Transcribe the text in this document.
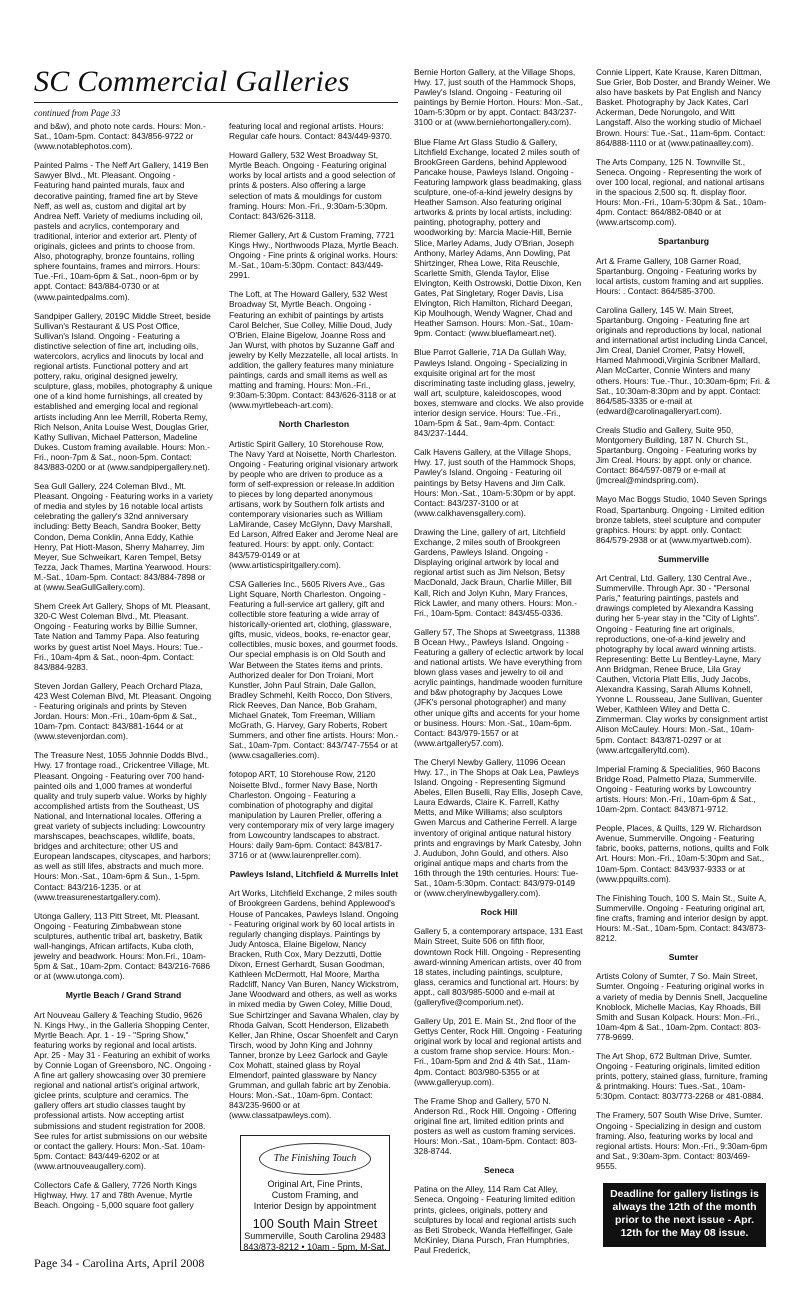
SC Commercial Galleries
continued from Page 33

and b&w), and photo note cards. Hours: Mon.-Sat., 10am-5pm. Contact: 843/856-9722 or (www.notablephotos.com).

Painted Palms - The Neff Art Gallery, 1419 Ben Sawyer Blvd., Mt. Pleasant. Ongoing - Featuring hand painted murals, faux and decorative painting, framed fine art by Steve Neff, as well as, custom and digital art by Andrea Neff. Variety of mediums including oil, pastels and acrylics, contemporary and traditional, interior and exterior art. Plenty of originals, giclees and prints to choose from. Also, photography, bronze fountains, rolling sphere fountains, frames and mirrors. Hours: Tue.-Fri., 10am-6pm & Sat., noon-6pm or by appt. Contact: 843/884-0730 or at (www.paintedpalms.com).

Sandpiper Gallery, 2019C Middle Street, beside Sullivan's Restaurant & US Post Office, Sullivan's Island. Ongoing - Featuring a distinctive selection of fine art, including oils, watercolors, acrylics and linocuts by local and regional artists. Functional pottery and art pottery, raku, original designed jewelry, sculpture, glass, mobiles, photography & unique one of a kind home furnishings, all created by established and emerging local and regional artists including Ann lee Merrill, Roberta Remy, Rich Nelson, Anita Louise West, Douglas Grier, Kathy Sullivan, Michael Patterson, Madeline Dukes. Custom framing available. Hours: Mon.-Fri., noon-7pm & Sat., noon-5pm. Contact: 843/883-0200 or at (www.sandpipergallery.net).

Sea Gull Gallery, 224 Coleman Blvd., Mt. Pleasant. Ongoing - Featuring works in a variety of media and styles by 16 notable local artists celebrating the gallery's 32nd anniversary including: Betty Beach, Sandra Booker, Betty Condon, Dema Conklin, Anna Eddy, Kathie Henry, Pat Hiott-Mason, Sherry Maharrey, Jim Meyer, Sue Schweikart, Karen Tempel, Betsy Tezza, Jack Thames, Martina Yearwood. Hours: M.-Sat., 10am-5pm. Contact: 843/884-7898 or at (www.SeaGullGallery.com).

Shem Creek Art Gallery, Shops of Mt. Pleasant, 320-C West Coleman Blvd., Mt. Pleasant. Ongoing - Featuring works by Billie Sumner, Tate Nation and Tammy Papa. Also featuring works by guest artist Noel Mays. Hours: Tue.-Fri., 10am-4pm & Sat., noon-4pm. Contact: 843/884-9283.

Steven Jordan Gallery, Peach Orchard Plaza, 423 West Coleman Blvd, Mt. Pleasant. Ongoing - Featuring originals and prints by Steven Jordan. Hours: Mon.-Fri., 10am-6pm & Sat., 10am-7pm. Contact: 843/881-1644 or at (www.stevenjordan.com).

The Treasure Nest, 1055 Johnnie Dodds Blvd., Hwy. 17 frontage road., Crickentree Village, Mt. Pleasant. Ongoing - Featuring over 700 hand-painted oils and 1,000 frames at wonderful quality and truly superb value. Works by highly accomplished artists from the Southeast, US National, and International locales. Offering a great variety of subjects including: Lowcountry marshscapes, beachscapes, wildlife, boats, bridges and architecture; other US and European landscapes, cityscapes, and harbors; as well as still lifes, abstracts and much more. Hours: Mon.-Sat., 10am-6pm & Sun., 1-5pm. Contact: 843/216-1235. or at (www.treasurenestartgallery.com).

Utonga Gallery, 113 Pitt Street, Mt. Pleasant. Ongoing - Featuring Zimbabwean stone sculptures, authentic tribal art, basketry, Batik wall-hangings, African artifacts, Kuba cloth, jewelry and beadwork. Hours: Mon.Fri., 10am-5pm & Sat., 10am-2pm. Contact: 843/216-7686 or at (www.utonga.com).

Myrtle Beach / Grand Strand

Art Nouveau Gallery & Teaching Studio, 9626 N. Kings Hwy., in the Galleria Shopping Center, Myrtle Beach. Apr. 1 - 19 - "Spring Show," featuring works by regional and local artists. Apr. 25 - May 31 - Featuring an exhibit of works by Connie Logan of Greensboro, NC. Ongoing - A fine art gallery showcasing over 30 premiere regional and national artist's original artwork, giclee prints, sculpture and ceramics. The gallery offers art studio classes taught by professional artists. Now accepting artist submissions and student registration for 2008. See rules for artist submissions on our website or contact the gallery. Hours: Mon.-Sat. 10am-5pm. Contact: 843/449-6202 or at (www.artnouveaugallery.com).

Collectors Cafe & Gallery, 7726 North Kings Highway, Hwy. 17 and 78th Avenue, Myrtle Beach. Ongoing - 5,000 square foot gallery

featuring local and regional artists. Hours: Regular cafe hours. Contact: 843/449-9370.

Howard Gallery, 532 West Broadway St, Myrtle Beach. Ongoing - Featuring original works by local artists and a good selection of prints & posters. Also offering a large selection of mats & mouldings for custom framing. Hours: Mon.-Fri., 9:30am-5:30pm. Contact: 843/626-3118.

Riemer Gallery, Art & Custom Framing, 7721 Kings Hwy., Northwoods Plaza, Myrtle Beach. Ongoing - Fine prints & original works. Hours: M.-Sat., 10am-5:30pm. Contact: 843/449-2991.

The Loft, at The Howard Gallery, 532 West Broadway St, Myrtle Beach. Ongoing - Featuring an exhibit of paintings by artists Carol Belcher, Sue Colley, Millie Doud, Judy O'Brien, Elaine Bigelow, Joanne Ross and Jan Wurst, with photos by Suzanne Gaff and jewelry by Kelly Mezzatelle, all local artists. In addition, the gallery features many miniature paintings, cards and small items as well as matting and framing. Hours: Mon.-Fri., 9:30am-5:30pm. Contact: 843/626-3118 or at (www.myrtlebeach-art.com).

North Charleston

Artistic Spirit Gallery, 10 Storehouse Row, The Navy Yard at Noisette, North Charleston. Ongoing - Featuring original visionary artwork by people who are driven to produce as a form of self-expression or release.In addition to pieces by long departed anonymous artisans, work by Southern folk artists and contemporary visionaries such as William LaMirande, Casey McGlynn, Davy Marshall, Ed Larson, Alfred Eaker and Jerome Neal are featured. Hours: by appt. only. Contact: 843/579-0149 or at (www.artisticspiritgallery.com).

CSA Galleries Inc., 5605 Rivers Ave., Gas Light Square, North Charleston. Ongoing - Featuring a full-service art gallery, gift and collectible store featuring a wide array of historically-oriented art, clothing, glassware, gifts, music, videos, books, re-enactor gear, collectibles, music boxes, and gourmet foods. Our special emphasis is on Old South and War Between the States items and prints. Authorized dealer for Don Troiani, Mort Kunstler, John Paul Strain, Dale Gallon, Bradley Schmehl, Keith Rocco, Don Stivers, Rick Reeves, Dan Nance, Bob Graham, Michael Gnatek, Tom Freeman, William McGrath, G. Harvey, Gary Roberts, Robert Summers, and other fine artists. Hours: Mon.-Sat., 10am-7pm. Contact: 843/747-7554 or at (www.csagalleries.com).

fotopop ART, 10 Storehouse Row, 2120 Noisette Blvd., former Navy Base, North Charleston. Ongoing - Featuring a combination of photography and digital manipulation by Lauren Preller, offering a very contemporary mix of very large imagery from Lowcountry landscapes to abstract. Hours: daily 9am-6pm. Contact: 843/817-3716 or at (www.laurenpreller.com).

Pawleys Island, Litchfield & Murrells Inlet

Art Works, Litchfield Exchange, 2 miles south of Brookgreen Gardens, behind Applewood's House of Pancakes, Pawleys Island. Ongoing - Featuring original work by 60 local artists in regularly changing displays. Paintings by Judy Antosca, Elaine Bigelow, Nancy Bracken, Ruth Cox, Mary Dezzutti, Dottie Dixon, Ernest Gerhardt, Susan Goodman, Kathleen McDermott, Hal Moore, Martha Radcliff, Nancy Van Buren, Nancy Wickstrom, Jane Woodward and others, as well as works in mixed media by Gwen Coley, Millie Doud, Sue Schirtzinger and Savana Whalen, clay by Rhoda Galvan, Scott Henderson, Elizabeth Keller, Jan Rhine, Oscar Shoenfelt and Caryn Tirsch, wood by John King and Johnny Tanner, bronze by Leez Garlock and Gayle Cox Mohatt, stained glass by Royal Elmendorf, painted glassware by Nancy Grumman, and gullah fabric art by Zenobia. Hours: Mon.-Sat., 10am-6pm. Contact: 843/235-9600 or at (www.classatpawleys.com).

Bernie Horton Gallery, at the Village Shops, Hwy. 17, just south of the Hammock Shops, Pawley's Island. Ongoing - Featuring oil paintings by Bernie Horton. Hours: Mon.-Sat., 10am-5:30pm or by appt. Contact: 843/237-3100 or at (www.berniehortongallery.com).

Blue Flame Art Glass Studio & Gallery, Litchfield Exchange, located 2 miles south of BrookGreen Gardens, behind Applewood Pancake house, Pawleys Island. Ongoing - Featuring lampwork glass beadmaking, glass sculpture, one-of-a-kind jewelry designs by Heather Samson. Also featuring original artworks & prints by local artists, including: painting, photography, pottery and woodworking by: Marcia Macie-Hill, Bernie Slice, Marley Adams, Judy O'Brian, Joseph Anthony, Marley Adams, Ann Dowling, Pat Shirtzinger, Rhea Lowe, Rita Reuschle, Scarlette Smith, Glenda Taylor, Elise Elvington, Keith Ostrowski, Dottie Dixon, Ken Gates, Pat Singletary, Roger Davis, Lisa Elvington, Rich Hamilton, Richard Deegan, Kip Moulhough, Wendy Wagner, Chad and Heather Samson. Hours: Mon.-Sat., 10am-9pm. Contact: (www.blueflameart.net).

Blue Parrot Gallerie, 71A Da Gullah Way, Pawleys Island. Ongoing - Specializing in exquisite original art for the most discriminating taste including glass, jewelry, wall art, sculpture, kaleidoscopes, wood boxes, stemware and clocks. We also provide interior design service. Hours: Tue.-Fri., 10am-5pm & Sat., 9am-4pm. Contact: 843/237-1444.

Calk Havens Gallery, at the Village Shops, Hwy. 17, just south of the Hammock Shops, Pawley's Island. Ongoing - Featuring oil paintings by Betsy Havens and Jim Calk. Hours: Mon.-Sat., 10am-5:30pm or by appt. Contact: 843/237-3100 or at (www.calkhavensgallery.com).

Drawing the Line, gallery of art, Litchfield Exchange, 2 miles south of Brookgreen Gardens, Pawleys Island. Ongoing - Displaying original artwork by local and regional artist such as Jim Nelson, Betsy MacDonald, Jack Braun, Charlie Miller, Bill Kall, Rich and Jolyn Kuhn, Mary Frances, Rick Lawler, and many others. Hours: Mon.-Fri., 10am-5pm. Contact: 843/455-0336.

Gallery 57, The Shops at Sweetgrass, 11388 B Ocean Hwy., Pawleys Island. Ongoing - Featuring a gallery of eclectic artwork by local and national artists. We have everything from blown glass vases and jewelry to oil and acrylic paintings, handmade wooden furniture and b&w photography by Jacques Lowe (JFK's personal photographer) and many other unique gifts and accents for your home or business. Hours: Mon.-Sat., 10am-6pm. Contact: 843/979-1557 or at (www.artgallery57.com).

The Cheryl Newby Gallery, 11096 Ocean Hwy. 17., in The Shops at Oak Lea, Pawleys Island. Ongoing - Representing Sigmund Abeles, Ellen Buselli, Ray Ellis, Joseph Cave, Laura Edwards, Claire K. Farrell, Kathy Metts, and Mike Williams; also sculptors Gwen Marcus and Catherine Ferrell. A large inventory of original antique natural history prints and engravings by Mark Catesby, John J. Audubon, John Gould, and others. Also original antique maps and charts from the 16th through the 19th centuries. Hours: Tue-Sat., 10am-5:30pm. Contact: 843/979-0149 or (www.cherylnewbygallery.com).

Rock Hill

Gallery 5, a contemporary artspace, 131 East Main Street, Suite 506 on fifth floor, downtown Rock Hill. Ongoing - Representing award-winning American artists, over 40 from 18 states, including paintings, sculpture, glass, ceramics and functional art. Hours: by appt., call 803/985-5000 and e-mail at (galleryfive@comporium.net).

Gallery Up, 201 E. Main St., 2nd floor of the Gettys Center, Rock Hill. Ongoing - Featuring original work by local and regional artists and a custom frame shop service. Hours: Mon.-Fri., 10am-5pm and 2nd & 4th Sat., 11am-4pm. Contact: 803/980-5355 or at (www.galleryup.com).

The Frame Shop and Gallery, 570 N. Anderson Rd., Rock Hill. Ongoing - Offering original fine art, limited edition prints and posters as well as custom framing services. Hours: Mon.-Sat., 10am-5pm. Contact: 803-328-8744.

Seneca

Patina on the Alley, 114 Ram Cat Alley, Seneca. Ongoing - Featuring limited edition prints, giclees, originals, pottery and sculptures by local and regional artists such as Beti Strobeck, Wanda Heffelfinger, Gale McKinley, Diana Pursch, Fran Humphries, Paul Frederick,

Connie Lippert, Kate Krause, Karen Dittman, Sue Grier, Bob Doster, and Brandy Weiner. We also have baskets by Pat English and Nancy Basket. Photography by Jack Kates, Carl Ackerman, Dede Norungolo, and Witt Langstaff. Also the working studio of Michael Brown. Hours: Tue.-Sat., 11am-6pm. Contact: 864/888-1110 or at (www.patinaalley.com).

The Arts Company, 125 N. Townville St., Seneca. Ongoing - Representing the work of over 100 local, regional, and national artisans in the spacious 2,500 sq. ft. display floor. Hours: Mon.-Fri., 10am-5:30pm & Sat., 10am-4pm. Contact: 864/882-0840 or at (www.artscomp.com).

Spartanburg

Art & Frame Gallery, 108 Garner Road, Spartanburg. Ongoing - Featuring works by local artists, custom framing and art supplies. Hours: . Contact: 864/585-3700.

Carolina Gallery, 145 W. Main Street, Spartanburg. Ongoing - Featuring fine art originals and reproductions by local, national and international artist including Linda Cancel, Jim Creal, Daniel Cromer, Patsy Howell, Hamed Mahmoodi,Virginia Scribner Mallard, Alan McCarter, Connie Winters and many others. Hours: Tue.-Thur., 10:30am-6pm; Fri. & Sat., 10:30am-8:30pm and by appt. Contact: 864/585-3335 or e-mail at (edward@carolinagalleryart.com).

Creals Studio and Gallery, Suite 950, Montgomery Building, 187 N. Church St., Spartanburg. Ongoing - Featuring works by Jim Creal. Hours: by appt. only or chance. Contact: 864/597-0879 or e-mail at (jmcreal@mindspring.com).

Mayo Mac Boggs Studio, 1040 Seven Springs Road, Spartanburg. Ongoing - Limited edition bronze tablets, steel sculpture and computer graphics. Hours: by appt. only. Contact: 864/579-2938 or at (www.myartweb.com).

Summerville

Art Central, Ltd. Gallery, 130 Central Ave., Summerville. Through Apr. 30 - "Personal Paris," featuring paintings, pastels and drawings completed by Alexandra Kassing during her 5-year stay in the "City of Lights". Ongoing - Featuring fine art originals, reproductions, one-of-a-kind jewelry and photography by local award winning artists. Representing: Bette Lu Bentley-Layne, Mary Ann Bridgman, Renee Bruce, Lila Gray Cauthen, Victoria Platt Ellis, Judy Jacobs, Alexandra Kassing, Sarah Allums Kohnell, Yvonne L. Rousseau, Jane Sullivan, Guenter Weber, Kathleen Wiley and Detta C. Zimmerman. Clay works by consignment artist Alison McCauley. Hours: Mon.-Sat., 10am-5pm. Contact: 843/871-0297 or at (www.artcgalleryltd.com).

Imperial Framing & Specialities, 960 Bacons Bridge Road, Palmetto Plaza, Summerville. Ongoing - Featuring works by Lowcountry artists. Hours: Mon.-Fri., 10am-6pm & Sat., 10am-2pm. Contact: 843/871-9712.

People, Places, & Quilts, 129 W. Richardson Avenue, Summerville. Ongoing - Featuring fabric, books, patterns, notions, quilts and Folk Art. Hours: Mon.-Fri., 10am-5:30pm and Sat., 10am-5pm. Contact: 843/937-9333 or at (www.ppquilts.com).

The Finishing Touch, 100 S. Main St., Suite A, Summerville. Ongoing - Featuring original art, fine crafts, framing and interior design by appt. Hours: M.-Sat., 10am-5pm. Contact: 843/873-8212.

Sumter

Artists Colony of Sumter, 7 So. Main Street, Sumter. Ongoing - Featuring original works in a variety of media by Dennis Snell, Jacqueline Knoblock, Michelle Macias, Kay Rhoads, Bill Smith and Susan Kolpack. Hours: Mon.-Fri., 10am-4pm & Sat., 10am-2pm. Contact: 803-778-9699.

The Art Shop, 672 Bultman Drive, Sumter. Ongoing - Featuring originals, limited edition prints, pottery, stained glass, furniture, framing & printmaking. Hours: Tues.-Sat., 10am-5:30pm. Contact: 803/773-2268 or 481-0884.

The Framery, 507 South Wise Drive, Sumter. Ongoing - Specializing in design and custom framing. Also, featuring works by local and regional artists. Hours: Mon.-Fri., 9:30am-6pm and Sat., 9:30am-3pm. Contact: 803/469-9555.

The Finishing Touch
Original Art, Fine Prints,
Custom Framing, and
Interior Design by appointment
100 South Main Street
Summerville, South Carolina 29483
843/873-8212 • 10am - 5pm, M-Sat.
Deadline for gallery listings is always the 12th of the month prior to the next issue - Apr. 12th for the May 08 issue.
Page 34 - Carolina Arts, April 2008
